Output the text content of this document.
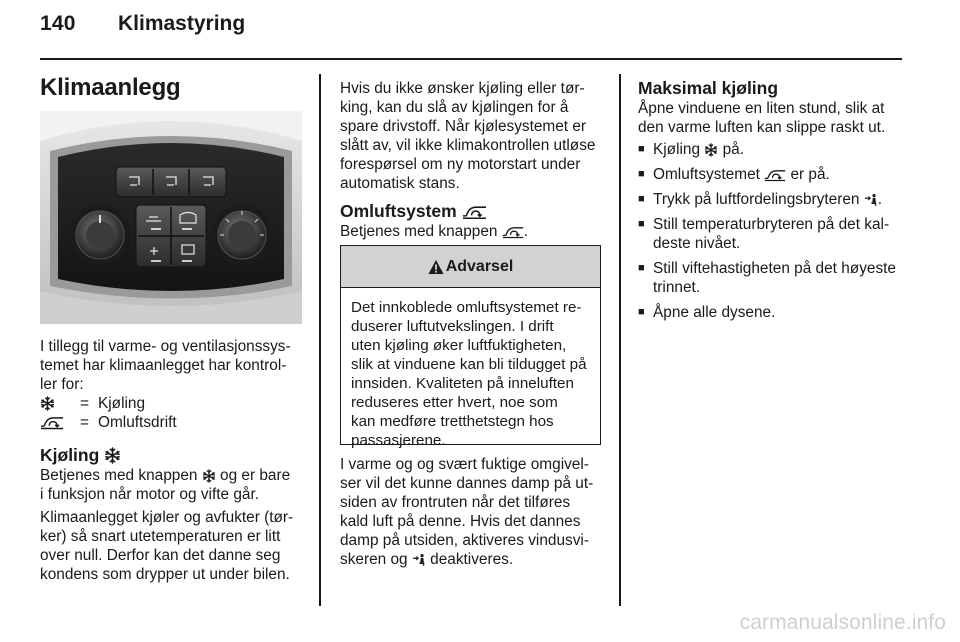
140 Klimastyring
Klimaanlegg
I tillegg til varme- og ventilasjonssys-
temet har klimaanlegget har kontrol-
ler for:
= Kjøling
= Omluftsdrift
Kjøling
Betjenes med knappen og er bare
i funksjon når motor og vifte går.
Klimaanlegget kjøler og avfukter (tør-
ker) så snart utetemperaturen er litt
over null. Derfor kan det danne seg
kondens som drypper ut under bilen.
Hvis du ikke ønsker kjøling eller tør-
king, kan du slå av kjølingen for å
spare drivstoff. Når kjølesystemet er
slått av, vil ikke klimakontrollen utløse
forespørsel om ny motorstart under
automatisk stans.
Omluftsystem
Betjenes med knappen .
Advarsel
Det innkoblede omluftsystemet re-
duserer luftutvekslingen. I drift
uten kjøling øker luftfuktigheten,
slik at vinduene kan bli tildugget på
innsiden. Kvaliteten på inneluften
reduseres etter hvert, noe som
kan medføre tretthetstegn hos
passasjerene.
I varme og og svært fuktige omgivel-
ser vil det kunne dannes damp på ut-
siden av frontruten når det tilføres
kald luft på denne. Hvis det dannes
damp på utsiden, aktiveres vindusvi-
skeren og deaktiveres.
Maksimal kjøling
Åpne vinduene en liten stund, slik at
den varme luften kan slippe raskt ut.
■ Kjøling på.
■ Omluftsystemet er på.
■ Trykk på luftfordelingsbryteren .
■ Still temperaturbryteren på det kal-
deste nivået.
■ Still viftehastigheten på det høyeste
trinnet.
■ Åpne alle dysene.
carmanualsonline.info
